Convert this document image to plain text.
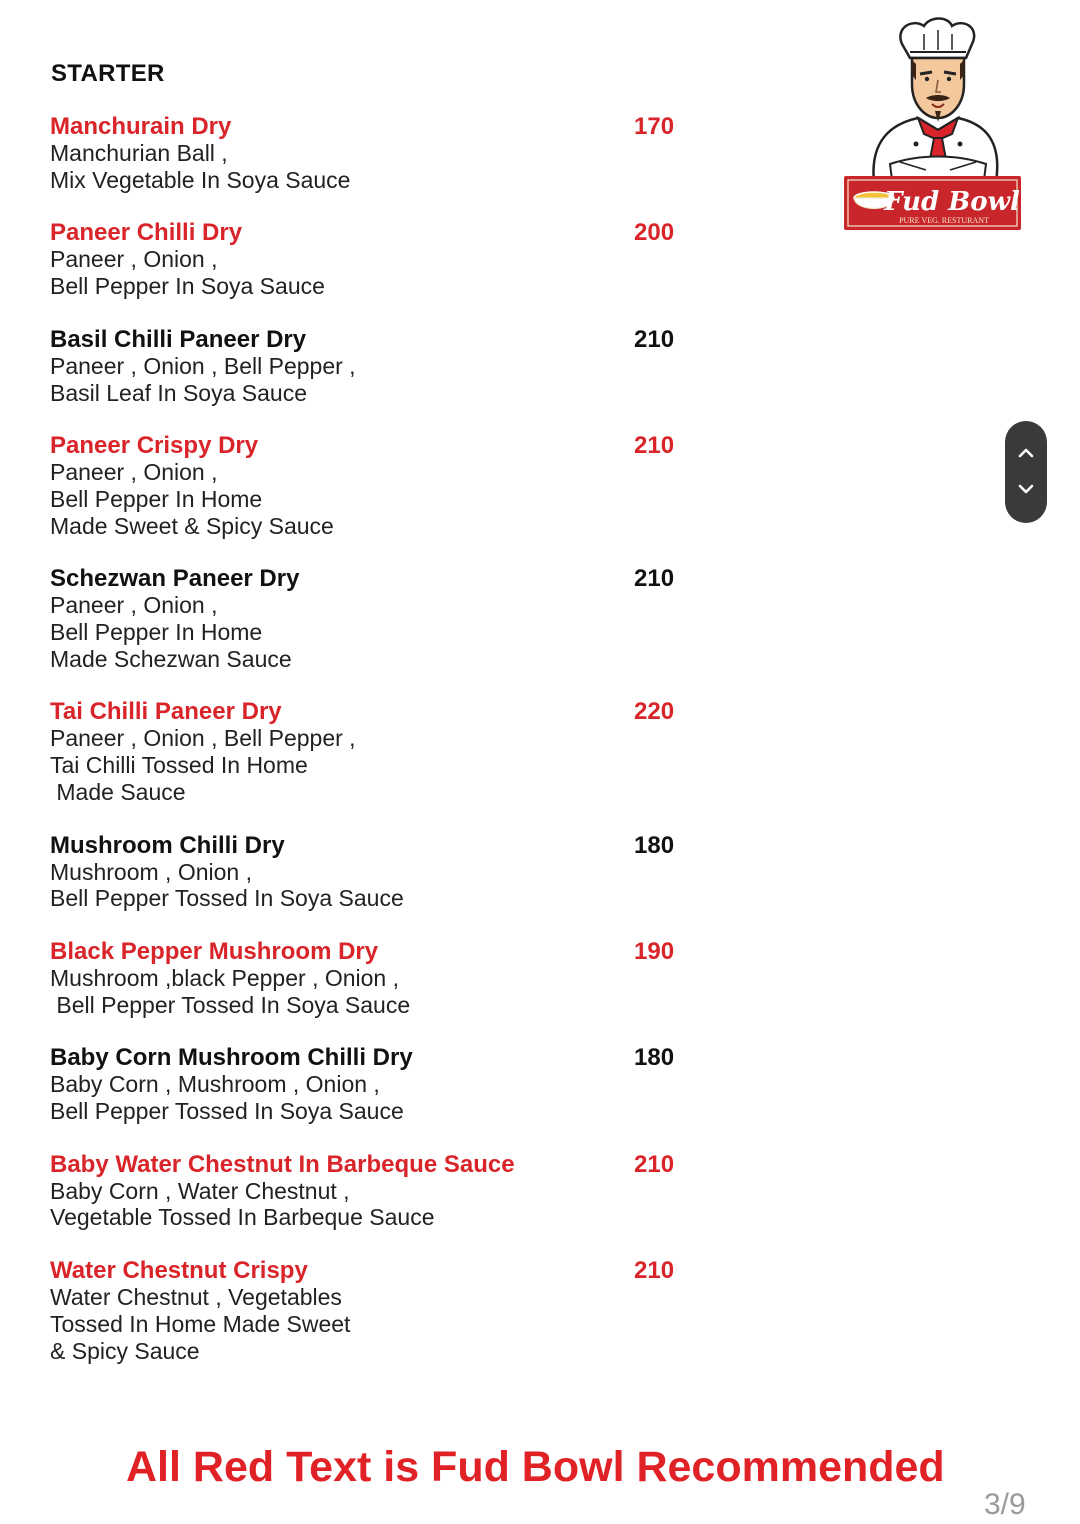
STARTER
Manchurain Dry	170
Manchurian Ball ,
Mix Vegetable In Soya Sauce
Paneer Chilli Dry	200
Paneer , Onion ,
Bell Pepper In Soya Sauce
Basil Chilli Paneer Dry	210
Paneer , Onion , Bell Pepper ,
Basil Leaf In Soya Sauce
Paneer Crispy Dry	210
Paneer , Onion ,
Bell Pepper In Home
Made Sweet & Spicy Sauce
Schezwan Paneer Dry	210
Paneer , Onion ,
Bell Pepper In Home
Made Schezwan Sauce
Tai Chilli Paneer Dry	220
Paneer , Onion , Bell Pepper ,
Tai Chilli Tossed In Home
Made Sauce
Mushroom Chilli Dry	180
Mushroom , Onion ,
Bell Pepper Tossed In Soya Sauce
Black Pepper Mushroom Dry	190
Mushroom ,black Pepper , Onion ,
Bell Pepper Tossed In Soya Sauce
Baby Corn Mushroom Chilli Dry	180
Baby Corn , Mushroom , Onion ,
Bell Pepper Tossed In Soya Sauce
Baby Water Chestnut In Barbeque Sauce	210
Baby Corn , Water Chestnut ,
Vegetable Tossed In Barbeque Sauce
Water Chestnut Crispy	210
Water Chestnut , Vegetables
Tossed In Home Made Sweet
& Spicy Sauce
Fud Bowl
PURE VEG. RESTURANT
All Red Text is Fud Bowl Recommended
3/9
